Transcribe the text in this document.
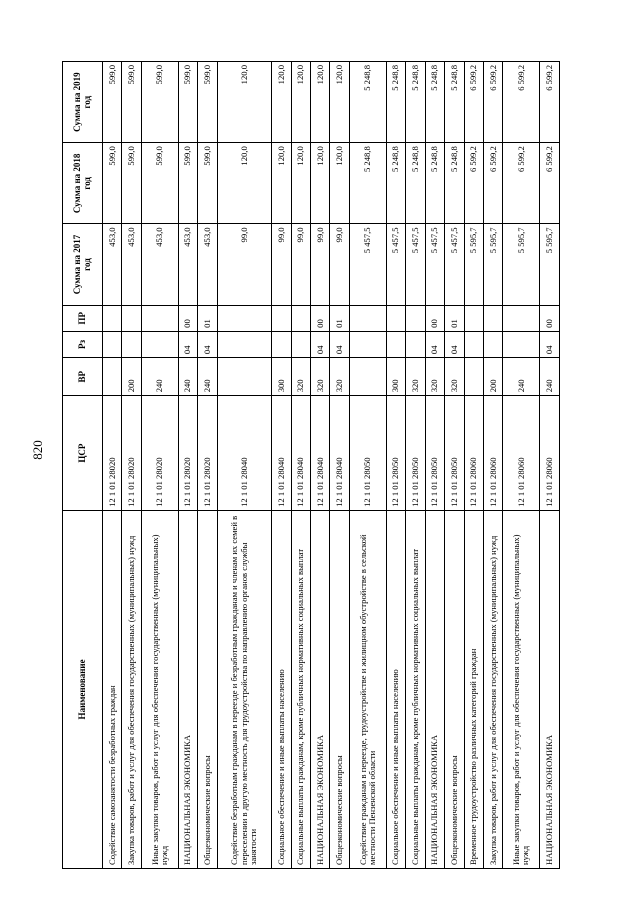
820
Наименование	ЦСР	ВР	Рз	ПР	Сумма на 2017 год	Сумма на 2018 год	Сумма на 2019 год
Содействие самозанятости безработных граждан	12 1 01 28020				453,0	599,0	599,0
Закупка товаров, работ и услуг для обеспечения государственных (муниципальных) нужд	12 1 01 28020	200			453,0	599,0	599,0
Иные закупки товаров, работ и услуг для обеспечения государственных (муниципальных) нужд	12 1 01 28020	240			453,0	599,0	599,0
НАЦИОНАЛЬНАЯ ЭКОНОМИКА	12 1 01 28020	240	04	00	453,0	599,0	599,0
Общеэкономические вопросы	12 1 01 28020	240	04	01	453,0	599,0	599,0
Содействие безработным гражданам в переезде и безработным гражданам и членам их семей в переселении в другую местность для трудоустройства по направлению органов службы занятости	12 1 01 28040				99,0	120,0	120,0
Социальное обеспечение и иные выплаты населению	12 1 01 28040	300			99,0	120,0	120,0
Социальные выплаты гражданам, кроме публичных нормативных социальных выплат	12 1 01 28040	320			99,0	120,0	120,0
НАЦИОНАЛЬНАЯ ЭКОНОМИКА	12 1 01 28040	320	04	00	99,0	120,0	120,0
Общеэкономические вопросы	12 1 01 28040	320	04	01	99,0	120,0	120,0
Содействие гражданам в переезде, трудоустройстве и жилищном обустройстве в сельской местности Пензенской области	12 1 01 28050				5 457,5	5 248,8	5 248,8
Социальное обеспечение и иные выплаты населению	12 1 01 28050	300			5 457,5	5 248,8	5 248,8
Социальные выплаты гражданам, кроме публичных нормативных социальных выплат	12 1 01 28050	320			5 457,5	5 248,8	5 248,8
НАЦИОНАЛЬНАЯ ЭКОНОМИКА	12 1 01 28050	320	04	00	5 457,5	5 248,8	5 248,8
Общеэкономические вопросы	12 1 01 28050	320	04	01	5 457,5	5 248,8	5 248,8
Временное трудоустройство различных категорий граждан	12 1 01 28060				5 595,7	6 599,2	6 599,2
Закупка товаров, работ и услуг для обеспечения государственных (муниципальных) нужд	12 1 01 28060	200			5 595,7	6 599,2	6 599,2
Иные закупки товаров, работ и услуг для обеспечения государственных (муниципальных) нужд	12 1 01 28060	240			5 595,7	6 599,2	6 599,2
НАЦИОНАЛЬНАЯ ЭКОНОМИКА	12 1 01 28060	240	04	00	5 595,7	6 599,2	6 599,2
